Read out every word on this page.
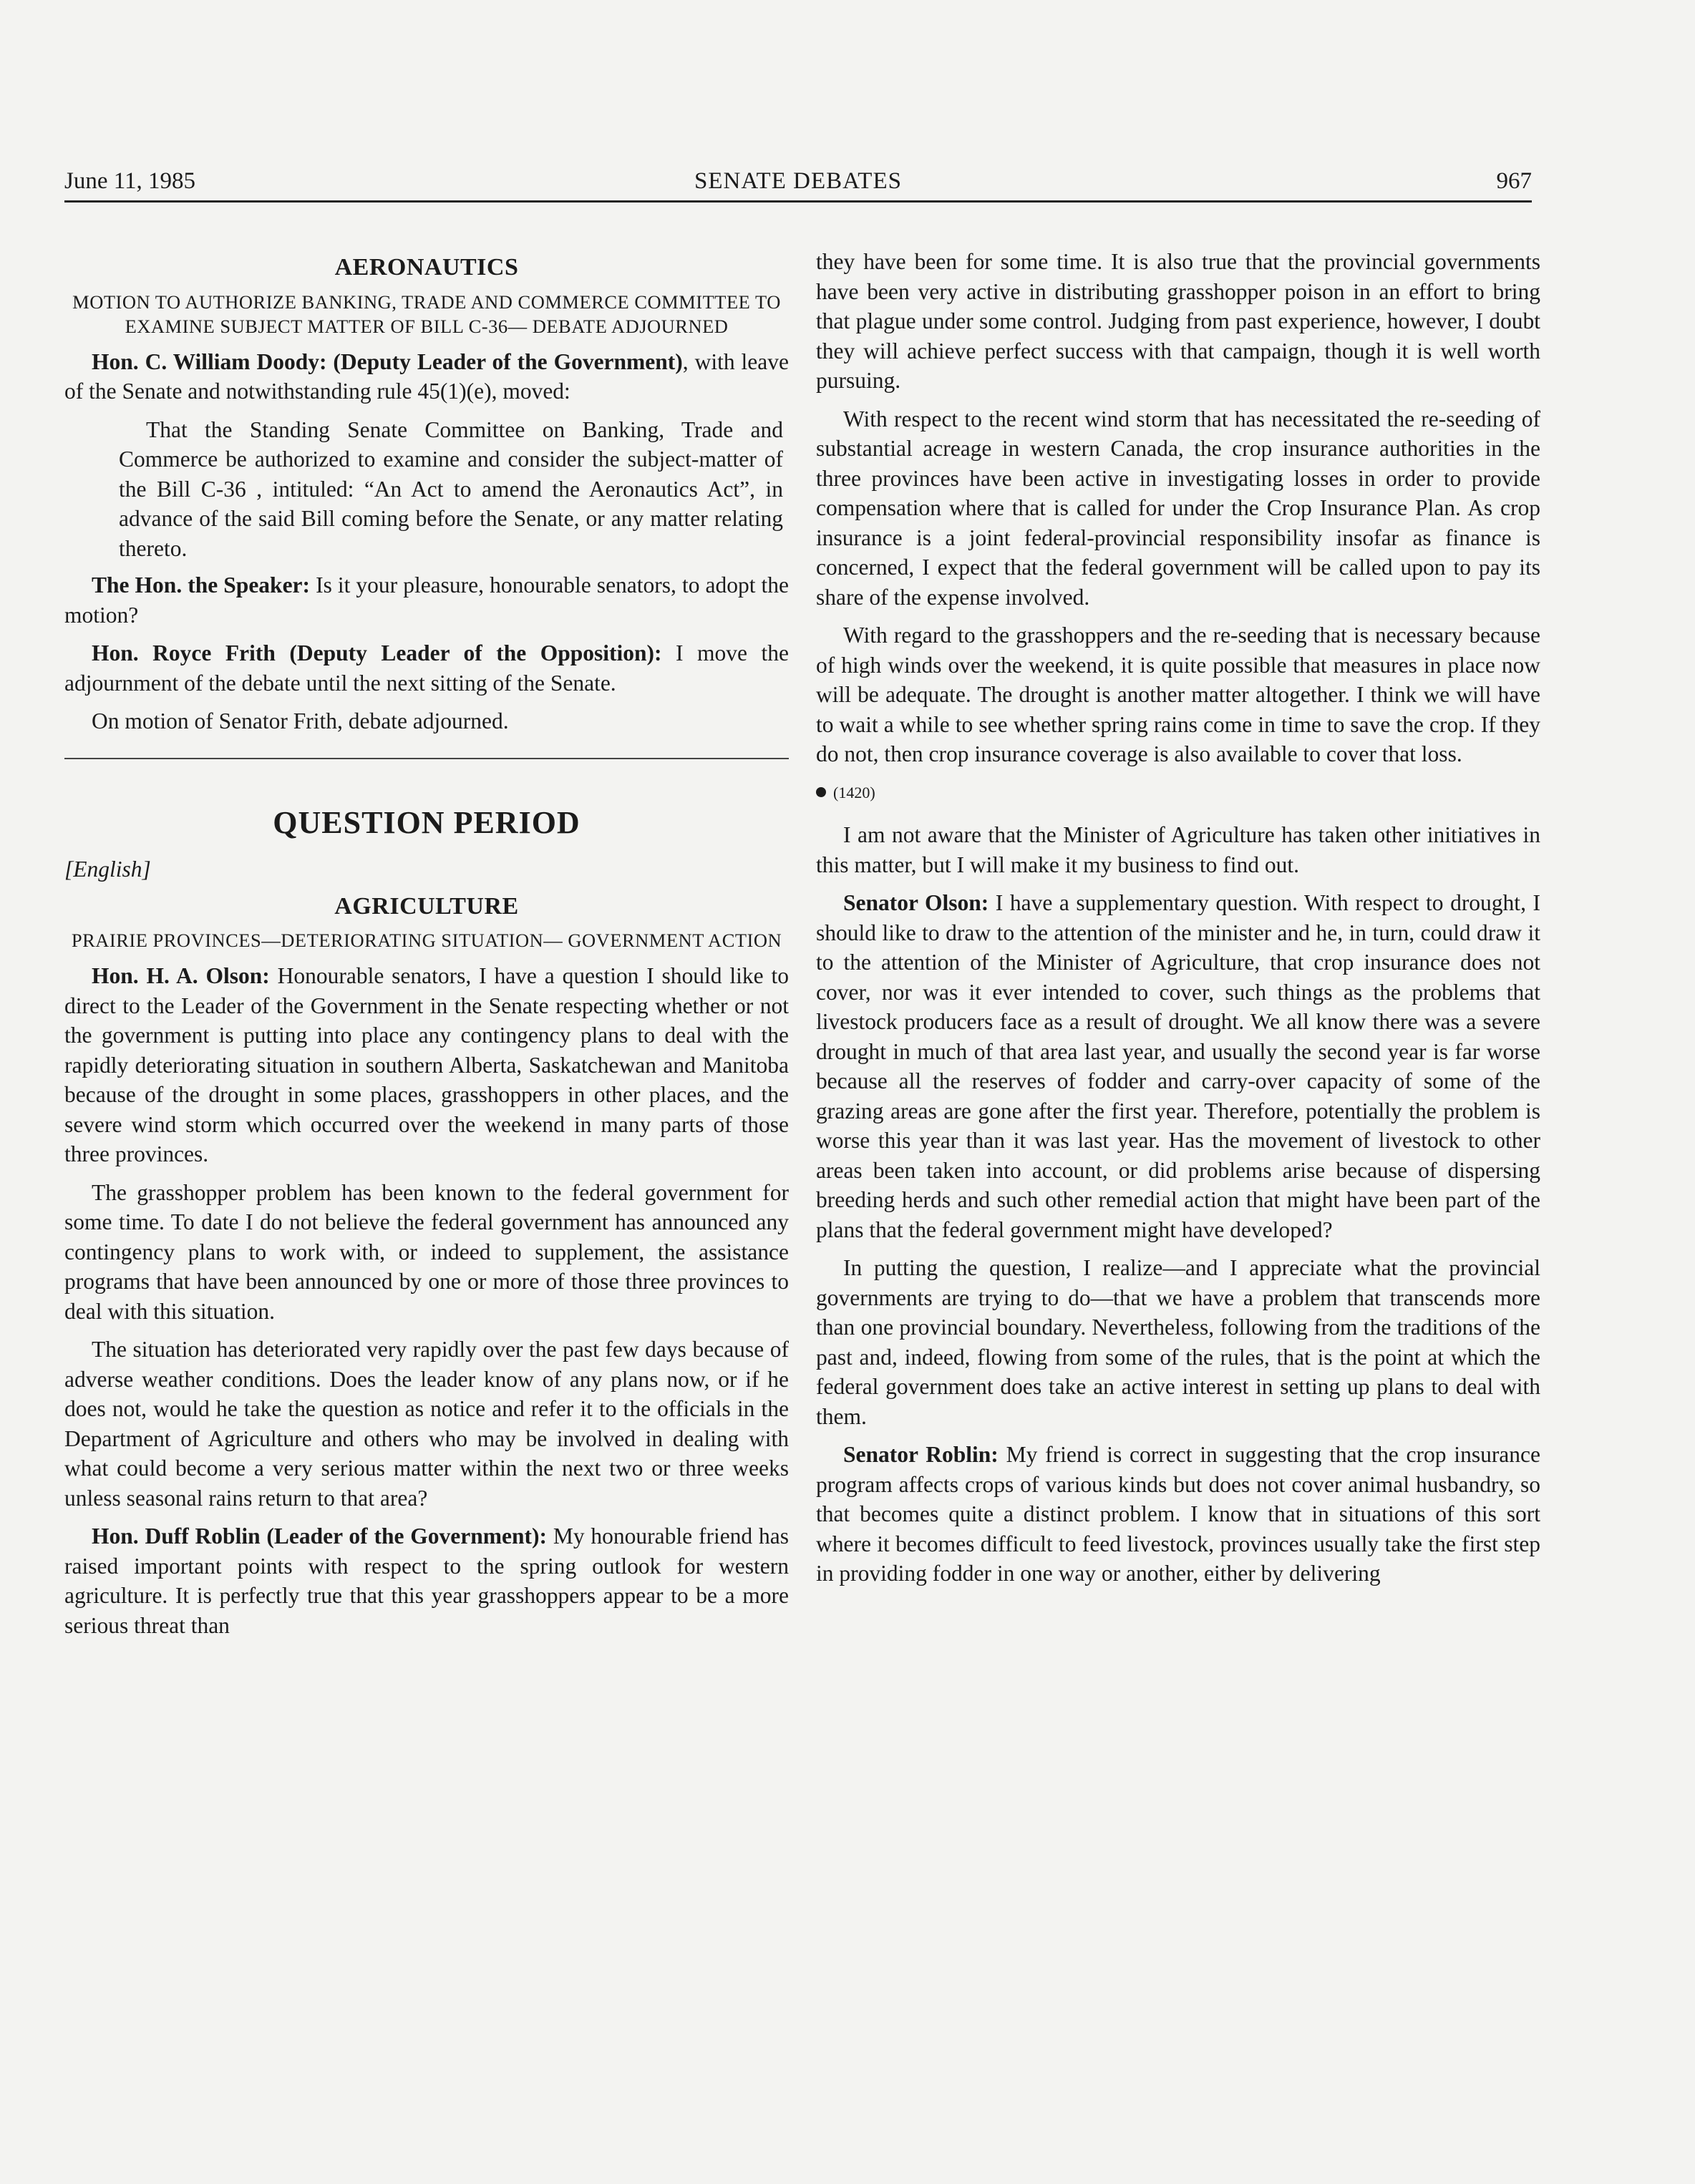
June 11, 1985	SENATE DEBATES	967
AERONAUTICS
MOTION TO AUTHORIZE BANKING, TRADE AND COMMERCE COMMITTEE TO EXAMINE SUBJECT MATTER OF BILL C-36— DEBATE ADJOURNED

Hon. C. William Doody: (Deputy Leader of the Government), with leave of the Senate and notwithstanding rule 45(1)(e), moved:

That the Standing Senate Committee on Banking, Trade and Commerce be authorized to examine and consider the subject-matter of the Bill C-36 , intituled: “An Act to amend the Aeronautics Act”, in advance of the said Bill coming before the Senate, or any matter relating thereto.

The Hon. the Speaker: Is it your pleasure, honourable senators, to adopt the motion?

Hon. Royce Frith (Deputy Leader of the Opposition): I move the adjournment of the debate until the next sitting of the Senate.

On motion of Senator Frith, debate adjourned.

QUESTION PERIOD
[English]
AGRICULTURE
PRAIRIE PROVINCES—DETERIORATING SITUATION— GOVERNMENT ACTION

Hon. H. A. Olson: Honourable senators, I have a question I should like to direct to the Leader of the Government in the Senate respecting whether or not the government is putting into place any contingency plans to deal with the rapidly deteriorating situation in southern Alberta, Saskatchewan and Manitoba because of the drought in some places, grasshoppers in other places, and the severe wind storm which occurred over the weekend in many parts of those three provinces.

The grasshopper problem has been known to the federal government for some time. To date I do not believe the federal government has announced any contingency plans to work with, or indeed to supplement, the assistance programs that have been announced by one or more of those three provinces to deal with this situation.

The situation has deteriorated very rapidly over the past few days because of adverse weather conditions. Does the leader know of any plans now, or if he does not, would he take the question as notice and refer it to the officials in the Department of Agriculture and others who may be involved in dealing with what could become a very serious matter within the next two or three weeks unless seasonal rains return to that area?

Hon. Duff Roblin (Leader of the Government): My honourable friend has raised important points with respect to the spring outlook for western agriculture. It is perfectly true that this year grasshoppers appear to be a more serious threat than

they have been for some time. It is also true that the provincial governments have been very active in distributing grasshopper poison in an effort to bring that plague under some control. Judging from past experience, however, I doubt they will achieve perfect success with that campaign, though it is well worth pursuing.

With respect to the recent wind storm that has necessitated the re-seeding of substantial acreage in western Canada, the crop insurance authorities in the three provinces have been active in investigating losses in order to provide compensation where that is called for under the Crop Insurance Plan. As crop insurance is a joint federal-provincial responsibility insofar as finance is concerned, I expect that the federal government will be called upon to pay its share of the expense involved.

With regard to the grasshoppers and the re-seeding that is necessary because of high winds over the weekend, it is quite possible that measures in place now will be adequate. The drought is another matter altogether. I think we will have to wait a while to see whether spring rains come in time to save the crop. If they do not, then crop insurance coverage is also available to cover that loss.

(1420)

I am not aware that the Minister of Agriculture has taken other initiatives in this matter, but I will make it my business to find out.

Senator Olson: I have a supplementary question. With respect to drought, I should like to draw to the attention of the minister and he, in turn, could draw it to the attention of the Minister of Agriculture, that crop insurance does not cover, nor was it ever intended to cover, such things as the problems that livestock producers face as a result of drought. We all know there was a severe drought in much of that area last year, and usually the second year is far worse because all the reserves of fodder and carry-over capacity of some of the grazing areas are gone after the first year. Therefore, potentially the problem is worse this year than it was last year. Has the movement of livestock to other areas been taken into account, or did problems arise because of dispersing breeding herds and such other remedial action that might have been part of the plans that the federal government might have developed?

In putting the question, I realize—and I appreciate what the provincial governments are trying to do—that we have a problem that transcends more than one provincial boundary. Nevertheless, following from the traditions of the past and, indeed, flowing from some of the rules, that is the point at which the federal government does take an active interest in setting up plans to deal with them.

Senator Roblin: My friend is correct in suggesting that the crop insurance program affects crops of various kinds but does not cover animal husbandry, so that becomes quite a distinct problem. I know that in situations of this sort where it becomes difficult to feed livestock, provinces usually take the first step in providing fodder in one way or another, either by delivering
